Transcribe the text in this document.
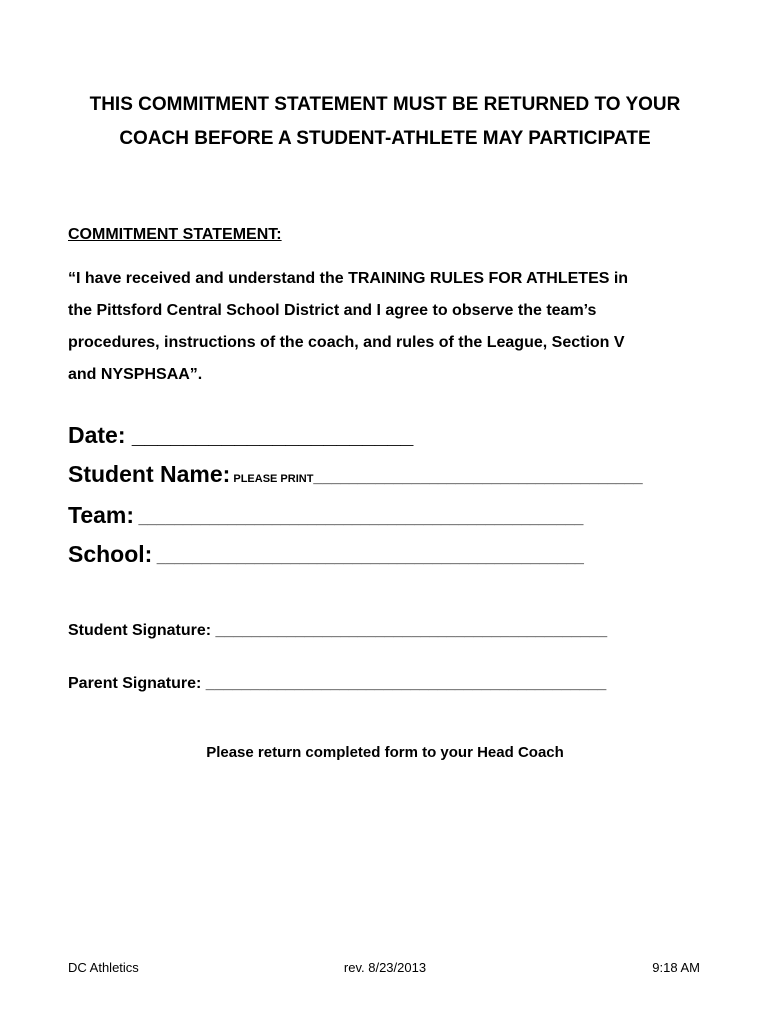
THIS COMMITMENT STATEMENT MUST BE RETURNED TO YOUR
COACH BEFORE A STUDENT-ATHLETE MAY PARTICIPATE
COMMITMENT STATEMENT:
“I have received and understand the TRAINING RULES FOR ATHLETES in
the Pittsford Central School District and I agree to observe the team’s
procedures, instructions of the coach, and rules of the League, Section V
and NYSPHSAA”.
Date: ______________________
Student Name: PLEASE PRINT_____________________________________
Team: __________________________________________________
School: ________________________________________________
Student Signature: ____________________________________________
Parent Signature: _____________________________________________
Please return completed form to your Head Coach
DC Athletics	rev. 8/23/2013	9:18 AM
